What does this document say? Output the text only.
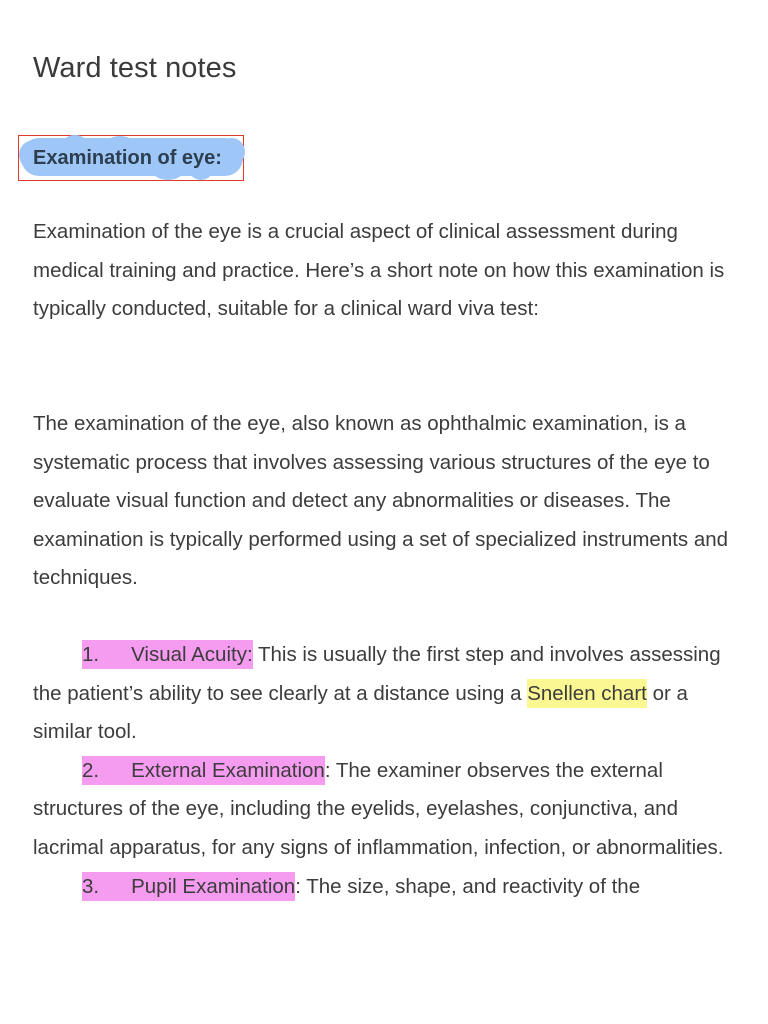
Ward test notes
Examination of eye:

Examination of the eye is a crucial aspect of clinical assessment during medical training and practice. Here’s a short note on how this examination is typically conducted, suitable for a clinical ward viva test:

The examination of the eye, also known as ophthalmic examination, is a systematic process that involves assessing various structures of the eye to evaluate visual function and detect any abnormalities or diseases. The examination is typically performed using a set of specialized instruments and techniques.

1. Visual Acuity: This is usually the first step and involves assessing the patient’s ability to see clearly at a distance using a Snellen chart or a similar tool.
2. External Examination: The examiner observes the external structures of the eye, including the eyelids, eyelashes, conjunctiva, and lacrimal apparatus, for any signs of inflammation, infection, or abnormalities.
3. Pupil Examination: The size, shape, and reactivity of the
